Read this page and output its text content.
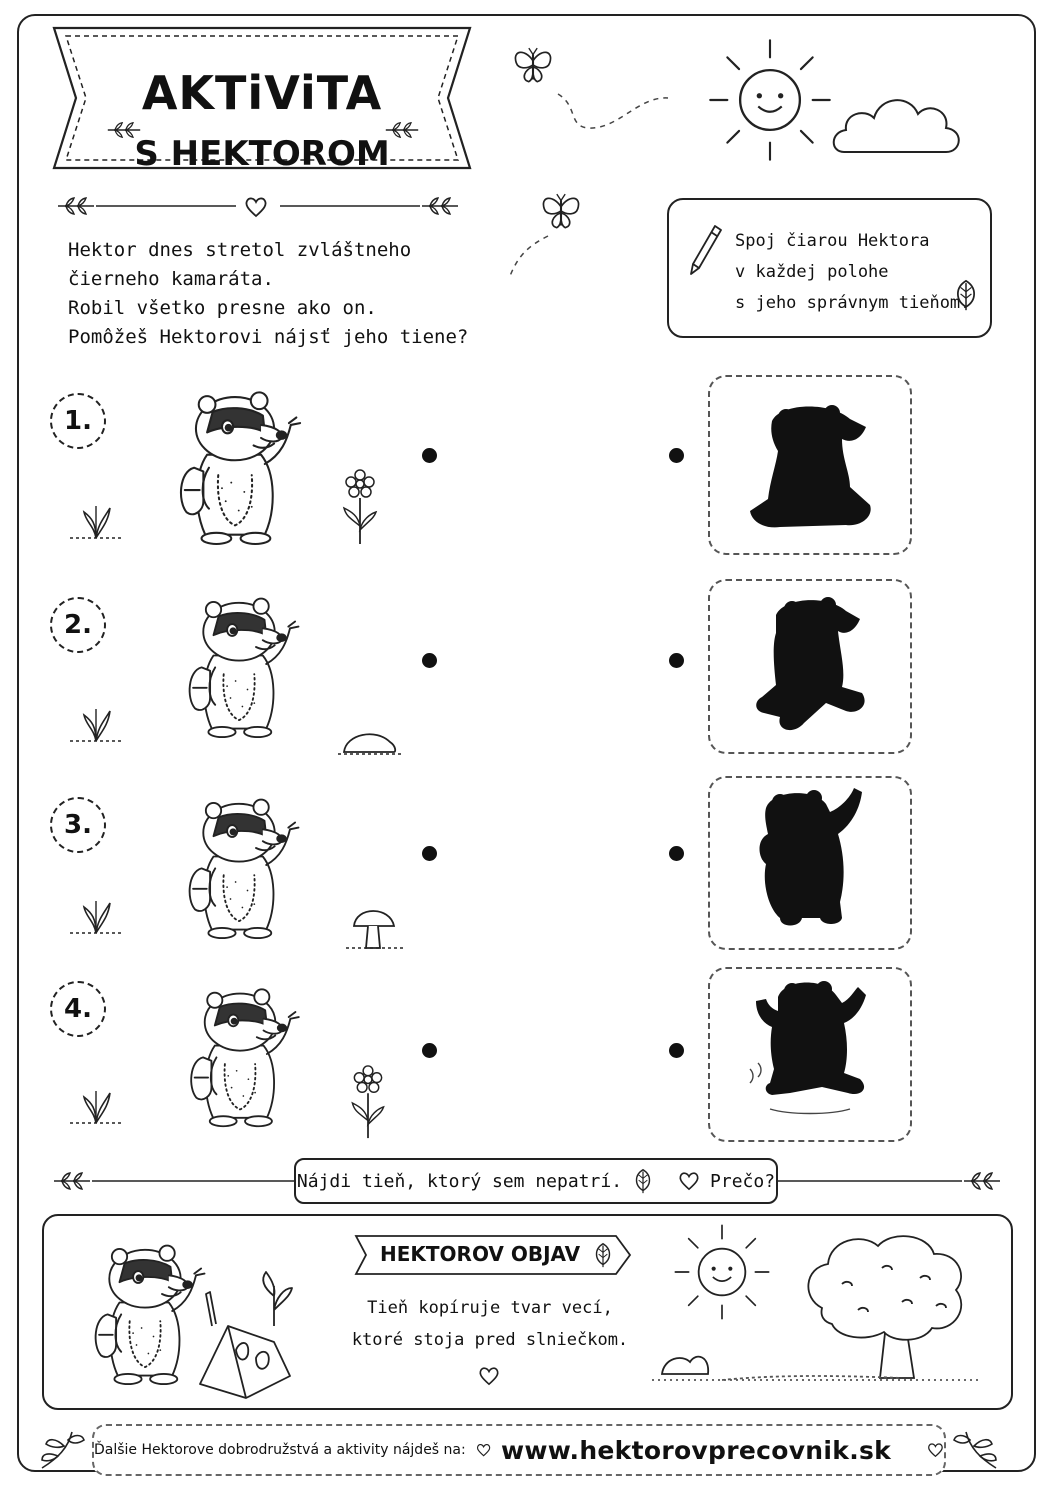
AKTiViTA
S HEKTOROM
Hektor dnes stretol zvláštneho
čierneho kamaráta.
Robil všetko presne ako on.
Pomôžeš Hektorovi nájsť jeho tiene?
Spoj čiarou Hektora
v každej polohe
s jeho správnym tieňom.
1.
2.
3.
4.
Nájdi tieň, ktorý sem nepatrí.	Prečo?
HEKTOROV OBJAV
Tieň kopíruje tvar vecí,
ktoré stoja pred slniečkom.
Ďalšie Hektorove dobrodružstvá a aktivity nájdeš na: www.hektorovprecovnik.sk
